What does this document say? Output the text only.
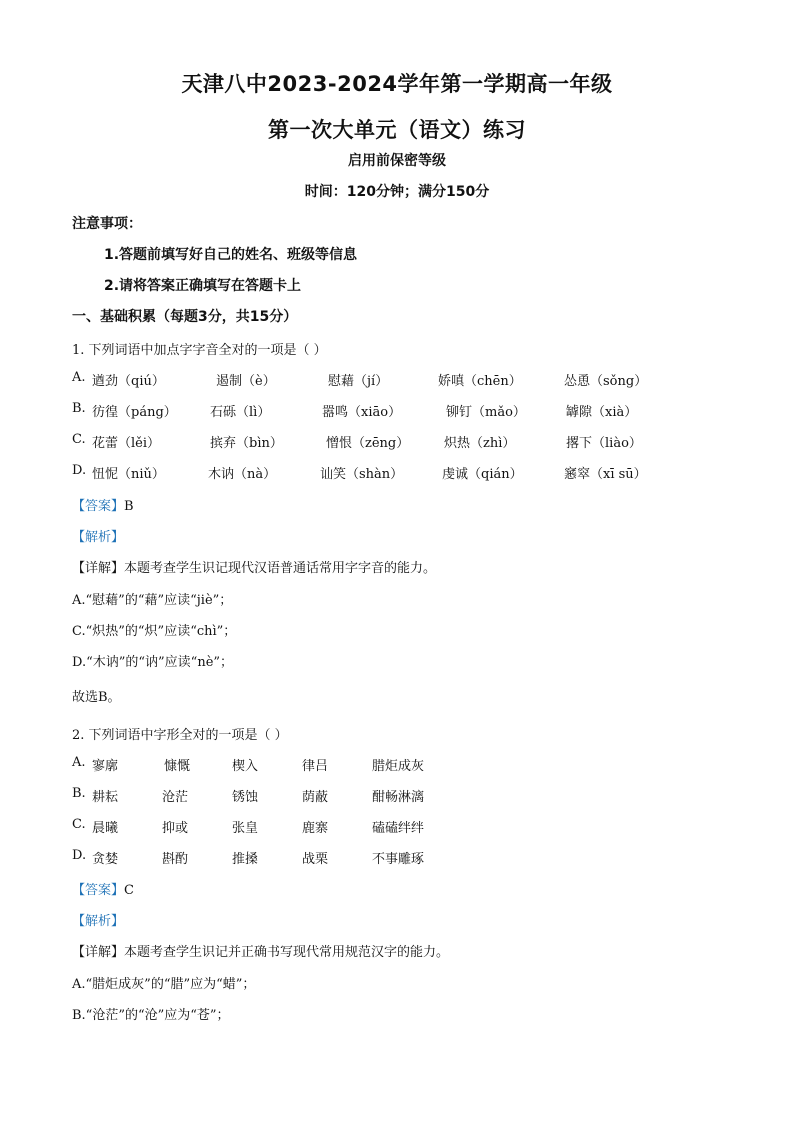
天津八中2023-2024学年第一学期高一年级
第一次大单元（语文）练习
启用前保密等级
时间：120分钟；满分150分
注意事项：
1.答题前填写好自己的姓名、班级等信息
2.请将答案正确填写在答题卡上
一、基础积累（每题3分，共15分）
1. 下列词语中加点字字音全对的一项是（ ）
A. 遒劲（qiú）	遏制（è）	慰藉（jí）	娇嗔（chēn）	怂恿（sǒng）
B. 彷徨（páng）	石砾（lì）	嚣鸣（xiāo）	铆钉（mǎo）	罅隙（xià）
C. 花蕾（lěi）	摈弃（bìn）	憎恨（zēng）	炽热（zhì）	撂下（liào）
D. 忸怩（niǔ）	木讷（nà）	讪笑（shàn）	虔诚（qián）	窸窣（xī sū）
【答案】B
【解析】
【详解】本题考查学生识记现代汉语普通话常用字字音的能力。
A.“慰藉”的“藉”应读“jiè”；
C.“炽热”的“炽”应读“chì”；
D.“木讷”的“讷”应读“nè”；
故选B。
2. 下列词语中字形全对的一项是（ ）
A. 寥廓	慷慨	楔入	律吕	腊炬成灰
B. 耕耘	沧茫	锈蚀	荫蔽	酣畅淋漓
C. 晨曦	抑或	张皇	鹿寨	磕磕绊绊
D. 贪婪	斟酌	推搡	战栗	不事雕琢
【答案】C
【解析】
【详解】本题考查学生识记并正确书写现代常用规范汉字的能力。
A.“腊炬成灰”的“腊”应为“蜡”；
B.“沧茫”的“沧”应为“苍”；
